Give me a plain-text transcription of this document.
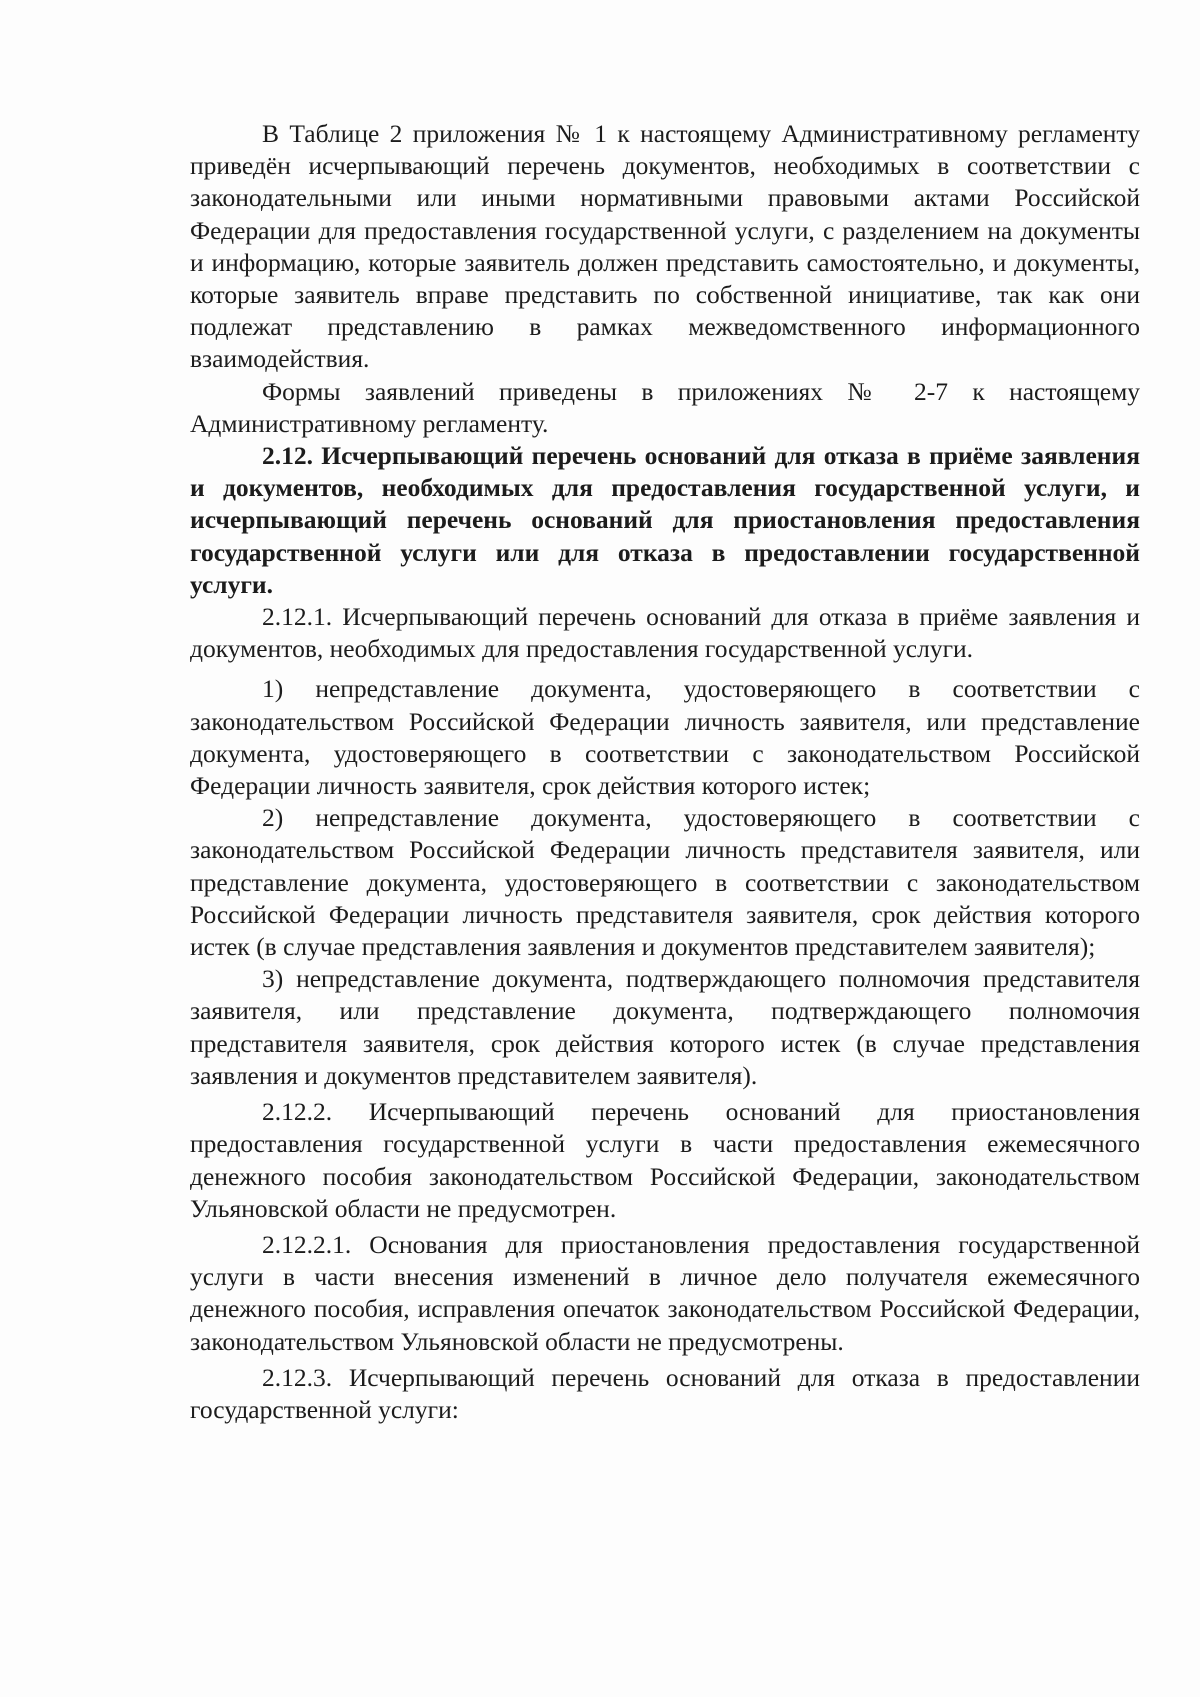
В Таблице 2 приложения № 1 к настоящему Административному регламенту приведён исчерпывающий перечень документов, необходимых в соответствии с законодательными или иными нормативными правовыми актами Российской Федерации для предоставления государственной услуги, с разделением на документы и информацию, которые заявитель должен представить самостоятельно, и документы, которые заявитель вправе представить по собственной инициативе, так как они подлежат представлению в рамках межведомственного информационного взаимодействия.

Формы заявлений приведены в приложениях № 2-7 к настоящему Административному регламенту.

2.12. Исчерпывающий перечень оснований для отказа в приёме заявления и документов, необходимых для предоставления государственной услуги, и исчерпывающий перечень оснований для приостановления предоставления государственной услуги или для отказа в предоставлении государственной услуги.

2.12.1. Исчерпывающий перечень оснований для отказа в приёме заявления и документов, необходимых для предоставления государственной услуги.

1) непредставление документа, удостоверяющего в соответствии с законодательством Российской Федерации личность заявителя, или представление документа, удостоверяющего в соответствии с законодательством Российской Федерации личность заявителя, срок действия которого истек;

2) непредставление документа, удостоверяющего в соответствии с законодательством Российской Федерации личность представителя заявителя, или представление документа, удостоверяющего в соответствии с законодательством Российской Федерации личность представителя заявителя, срок действия которого истек (в случае представления заявления и документов представителем заявителя);

3) непредставление документа, подтверждающего полномочия представителя заявителя, или представление документа, подтверждающего полномочия представителя заявителя, срок действия которого истек (в случае представления заявления и документов представителем заявителя).

2.12.2. Исчерпывающий перечень оснований для приостановления предоставления государственной услуги в части предоставления ежемесячного денежного пособия законодательством Российской Федерации, законодательством Ульяновской области не предусмотрен.

2.12.2.1. Основания для приостановления предоставления государственной услуги в части внесения изменений в личное дело получателя ежемесячного денежного пособия, исправления опечаток законодательством Российской Федерации, законодательством Ульяновской области не предусмотрены.

2.12.3. Исчерпывающий перечень оснований для отказа в предоставлении государственной услуги:
